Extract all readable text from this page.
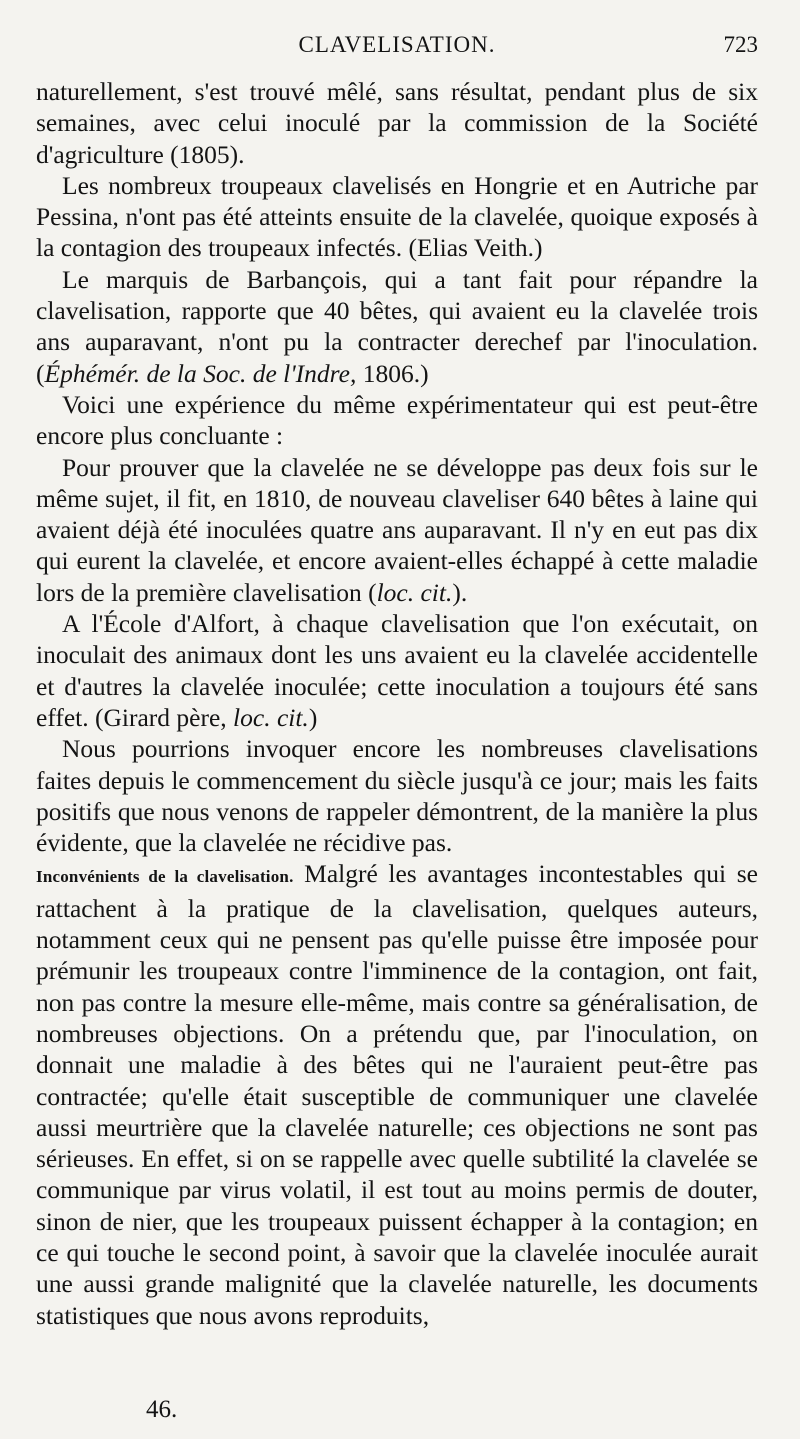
CLAVELISATION.	723

naturellement, s'est trouvé mêlé, sans résultat, pendant plus de six semaines, avec celui inoculé par la commission de la Société d'agriculture (1805).

Les nombreux troupeaux clavelisés en Hongrie et en Autriche par Pessina, n'ont pas été atteints ensuite de la clavelée, quoique exposés à la contagion des troupeaux infectés. (Elias Veith.)

Le marquis de Barbançois, qui a tant fait pour répandre la clavelisation, rapporte que 40 bêtes, qui avaient eu la clavelée trois ans auparavant, n'ont pu la contracter derechef par l'inoculation. (Éphémér. de la Soc. de l'Indre, 1806.)

Voici une expérience du même expérimentateur qui est peut-être encore plus concluante :

Pour prouver que la clavelée ne se développe pas deux fois sur le même sujet, il fit, en 1810, de nouveau claveliser 640 bêtes à laine qui avaient déjà été inoculées quatre ans auparavant. Il n'y en eut pas dix qui eurent la clavelée, et encore avaient-elles échappé à cette maladie lors de la première clavelisation (loc. cit.).

A l'École d'Alfort, à chaque clavelisation que l'on exécutait, on inoculait des animaux dont les uns avaient eu la clavelée accidentelle et d'autres la clavelée inoculée; cette inoculation a toujours été sans effet. (Girard père, loc. cit.)

Nous pourrions invoquer encore les nombreuses clavelisations faites depuis le commencement du siècle jusqu'à ce jour; mais les faits positifs que nous venons de rappeler démontrent, de la manière la plus évidente, que la clavelée ne récidive pas.

Inconvénients de la clavelisation. Malgré les avantages incontestables qui se rattachent à la pratique de la clavelisation, quelques auteurs, notamment ceux qui ne pensent pas qu'elle puisse être imposée pour prémunir les troupeaux contre l'imminence de la contagion, ont fait, non pas contre la mesure elle-même, mais contre sa généralisation, de nombreuses objections. On a prétendu que, par l'inoculation, on donnait une maladie à des bêtes qui ne l'auraient peut-être pas contractée; qu'elle était susceptible de communiquer une clavelée aussi meurtrière que la clavelée naturelle; ces objections ne sont pas sérieuses. En effet, si on se rappelle avec quelle subtilité la clavelée se communique par virus volatil, il est tout au moins permis de douter, sinon de nier, que les troupeaux puissent échapper à la contagion; en ce qui touche le second point, à savoir que la clavelée inoculée aurait une aussi grande malignité que la clavelée naturelle, les documents statistiques que nous avons reproduits,

46.
